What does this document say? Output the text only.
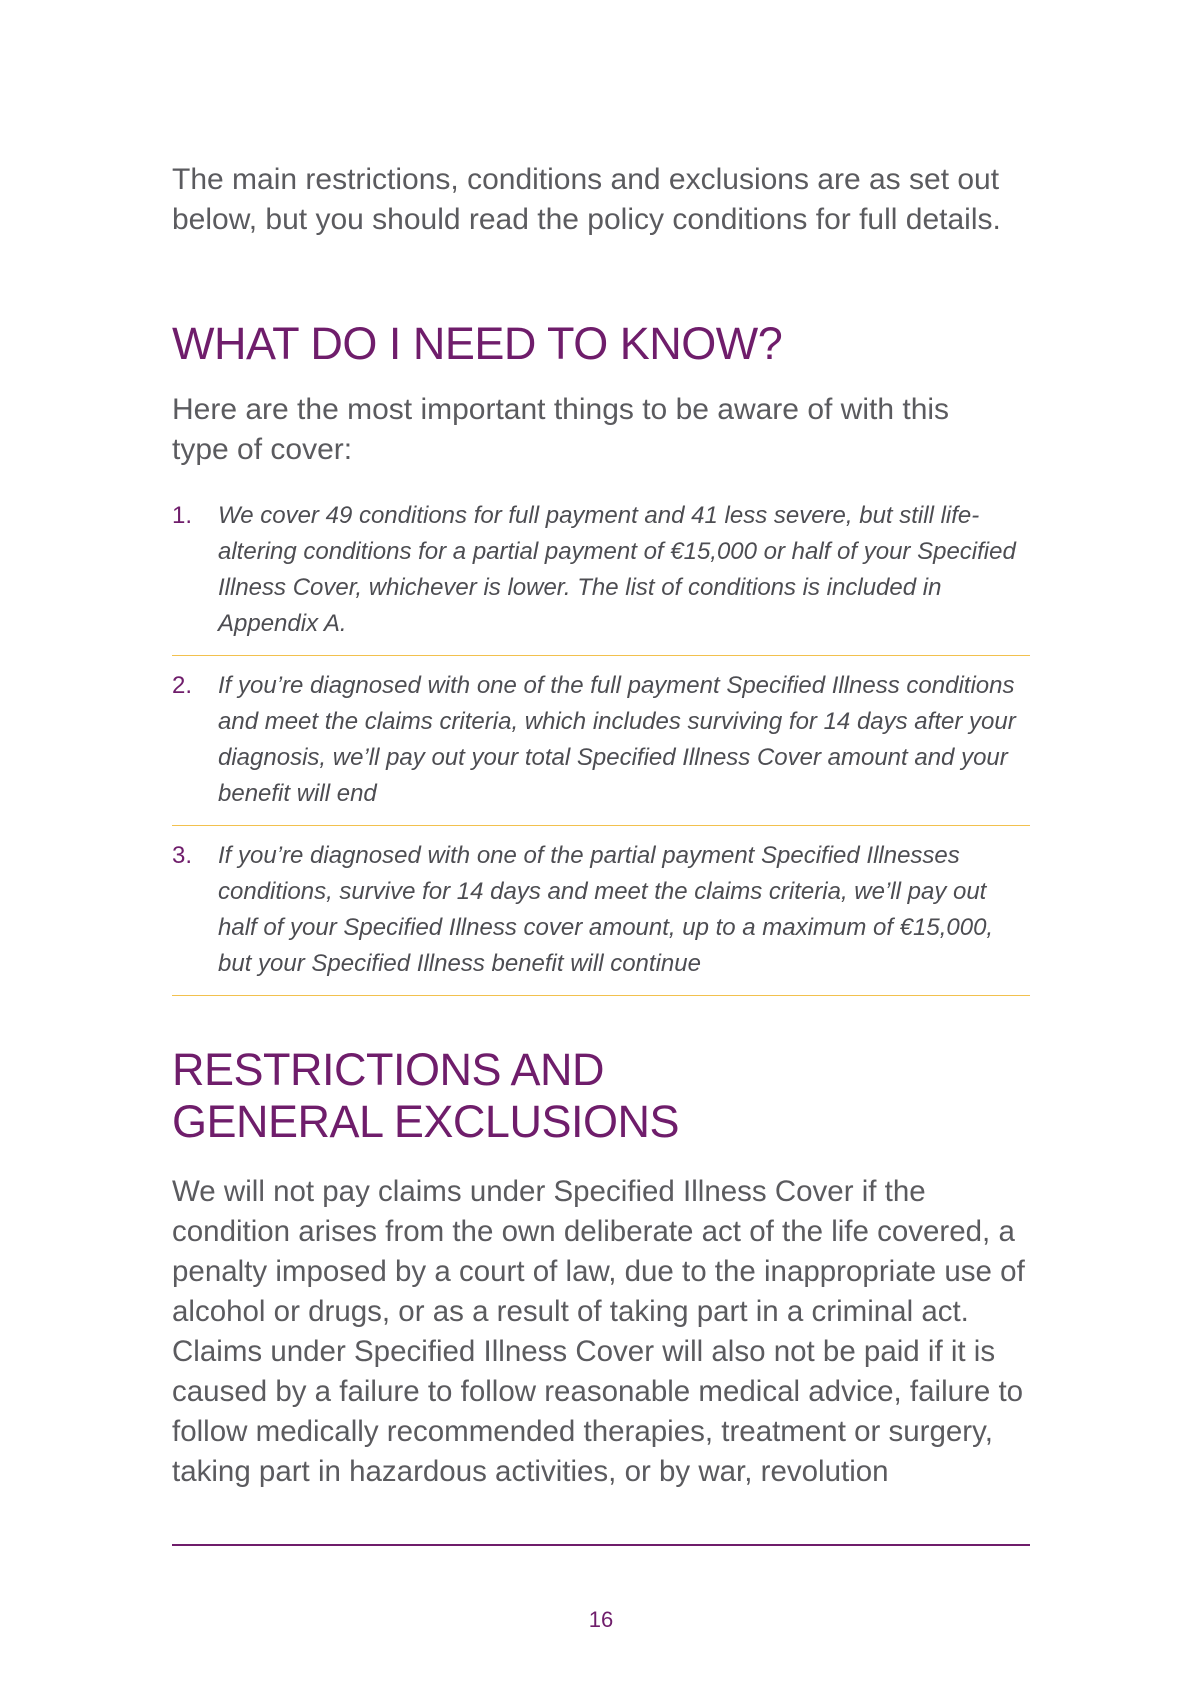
The main restrictions, conditions and exclusions are as set out below, but you should read the policy conditions for full details.

WHAT DO I NEED TO KNOW?

Here are the most important things to be aware of with this type of cover:

1.	We cover 49 conditions for full payment and 41 less severe, but still life-altering conditions for a partial payment of €15,000 or half of your Specified Illness Cover, whichever is lower. The list of conditions is included in Appendix A.
2.	If you’re diagnosed with one of the full payment Specified Illness conditions and meet the claims criteria, which includes surviving for 14 days after your diagnosis, we’ll pay out your total Specified Illness Cover amount and your benefit will end
3.	If you’re diagnosed with one of the partial payment Specified Illnesses conditions, survive for 14 days and meet the claims criteria, we’ll pay out half of your Specified Illness cover amount, up to a maximum of €15,000, but your Specified Illness benefit will continue
RESTRICTIONS AND
GENERAL EXCLUSIONS

We will not pay claims under Specified Illness Cover if the condition arises from the own deliberate act of the life covered, a penalty imposed by a court of law, due to the inappropriate use of alcohol or drugs, or as a result of taking part in a criminal act. Claims under Specified Illness Cover will also not be paid if it is caused by a failure to follow reasonable medical advice, failure to follow medically recommended therapies, treatment or surgery, taking part in hazardous activities, or by war, revolution

16
